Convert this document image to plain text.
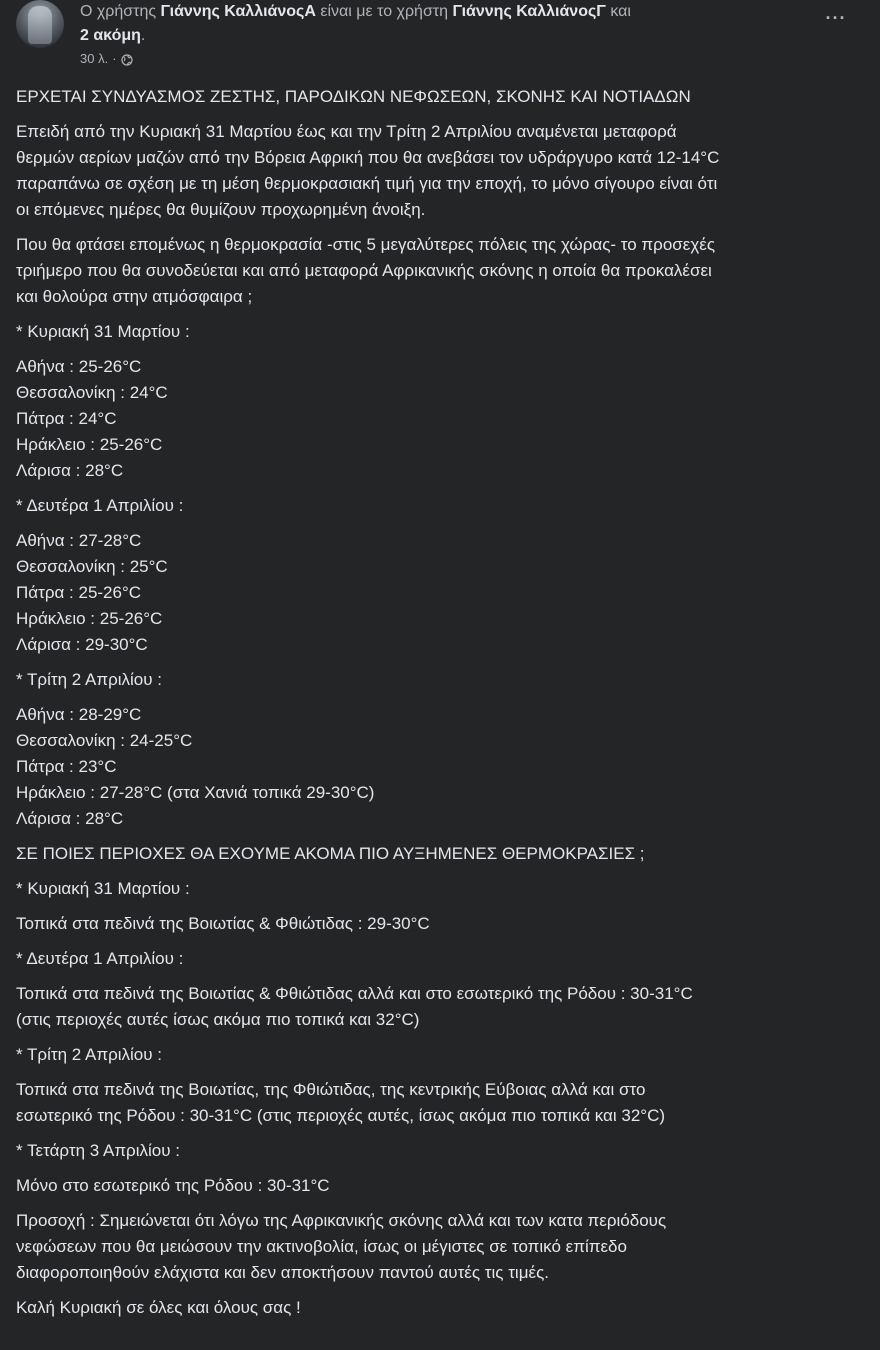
Ο χρήστης Γιάννης ΚαλλιάνοςΑ είναι με το χρήστη Γιάννης ΚαλλιάνοςΓ και
2 ακόμη.
30 λ. ·
···

ΕΡΧΕΤΑΙ ΣΥΝΔΥΑΣΜΟΣ ΖΕΣΤΗΣ, ΠΑΡΟΔΙΚΩΝ ΝΕΦΩΣΕΩΝ, ΣΚΟΝΗΣ ΚΑΙ ΝΟΤΙΑΔΩΝ

Επειδή από την Κυριακή 31 Μαρτίου έως και την Τρίτη 2 Απριλίου αναμένεται μεταφορά

θερμών αερίων μαζών από την Βόρεια Αφρική που θα ανεβάσει τον υδράργυρο κατά 12-14°C

παραπάνω σε σχέση με τη μέση θερμοκρασιακή τιμή για την εποχή, το μόνο σίγουρο είναι ότι

οι επόμενες ημέρες θα θυμίζουν προχωρημένη άνοιξη.

Που θα φτάσει επομένως η θερμοκρασία -στις 5 μεγαλύτερες πόλεις της χώρας- το προσεχές

τριήμερο που θα συνοδεύεται και από μεταφορά Αφρικανικής σκόνης η οποία θα προκαλέσει

και θολούρα στην ατμόσφαιρα ;

* Κυριακή 31 Μαρτίου :

Αθήνα : 25-26°C

Θεσσαλονίκη : 24°C

Πάτρα : 24°C

Ηράκλειο : 25-26°C

Λάρισα : 28°C

* Δευτέρα 1 Απριλίου :

Αθήνα : 27-28°C

Θεσσαλονίκη : 25°C

Πάτρα : 25-26°C

Ηράκλειο : 25-26°C

Λάρισα : 29-30°C

* Τρίτη 2 Απριλίου :

Αθήνα : 28-29°C

Θεσσαλονίκη : 24-25°C

Πάτρα : 23°C

Ηράκλειο : 27-28°C (στα Χανιά τοπικά 29-30°C)

Λάρισα : 28°C

ΣΕ ΠΟΙΕΣ ΠΕΡΙΟΧΕΣ ΘΑ ΕΧΟΥΜΕ ΑΚΟΜΑ ΠΙΟ ΑΥΞΗΜΕΝΕΣ ΘΕΡΜΟΚΡΑΣΙΕΣ ;

* Κυριακή 31 Μαρτίου :

Τοπικά στα πεδινά της Βοιωτίας & Φθιώτιδας : 29-30°C

* Δευτέρα 1 Απριλίου :

Τοπικά στα πεδινά της Βοιωτίας & Φθιώτιδας αλλά και στο εσωτερικό της Ρόδου : 30-31°C

(στις περιοχές αυτές ίσως ακόμα πιο τοπικά και 32°C)

* Τρίτη 2 Απριλίου :

Τοπικά στα πεδινά της Βοιωτίας, της Φθιώτιδας, της κεντρικής Εύβοιας αλλά και στο

εσωτερικό της Ρόδου : 30-31°C (στις περιοχές αυτές, ίσως ακόμα πιο τοπικά και 32°C)

* Τετάρτη 3 Απριλίου :

Μόνο στο εσωτερικό της Ρόδου : 30-31°C

Προσοχή : Σημειώνεται ότι λόγω της Αφρικανικής σκόνης αλλά και των κατα περιόδους

νεφώσεων που θα μειώσουν την ακτινοβολία, ίσως οι μέγιστες σε τοπικό επίπεδο

διαφοροποιηθούν ελάχιστα και δεν αποκτήσουν παντού αυτές τις τιμές.

Καλή Κυριακή σε όλες και όλους σας !
